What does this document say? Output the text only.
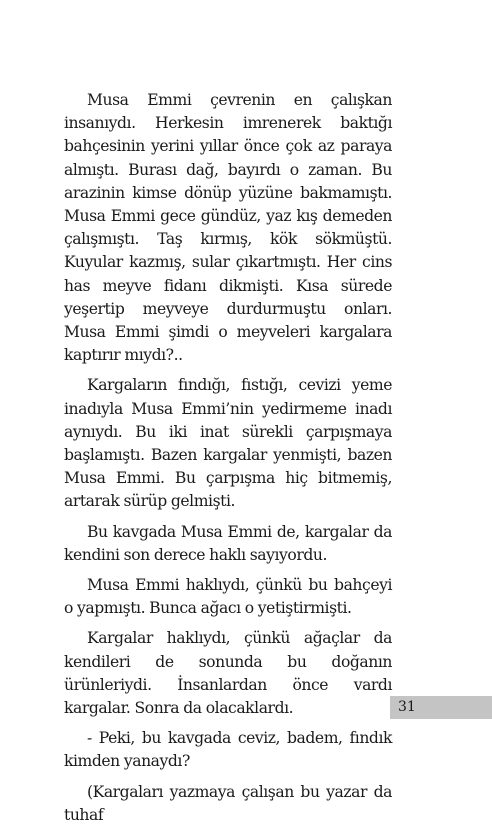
Musa Emmi çevrenin en çalışkan insanıydı. Herkesin imrenerek baktığı bahçesinin yerini yıllar önce çok az paraya almıştı. Burası dağ, bayırdı o zaman. Bu arazinin kimse dönüp yüzüne bakmamıştı. Musa Emmi gece gündüz, yaz kış demeden çalışmıştı. Taş kırmış, kök sökmüştü. Kuyular kazmış, sular çıkartmıştı. Her cins has meyve fidanı dikmişti. Kısa sürede yeşertip meyveye durdurmuştu onları. Musa Emmi şimdi o meyveleri kargalara kaptırır mıydı?..

Kargaların fındığı, fıstığı, cevizi yeme inadıyla Musa Emmi’nin yedirmeme inadı aynıydı. Bu iki inat sürekli çarpışmaya başlamıştı. Bazen kargalar yenmişti, bazen Musa Emmi. Bu çarpışma hiç bitmemiş, artarak sürüp gelmişti.

Bu kavgada Musa Emmi de, kargalar da kendini son derece haklı sayıyordu.

Musa Emmi haklıydı, çünkü bu bahçeyi o yapmıştı. Bunca ağacı o yetiştirmişti.

Kargalar haklıydı, çünkü ağaçlar da kendileri de sonunda bu doğanın ürünleriydi. İnsanlardan önce vardı kargalar. Sonra da olacaklardı.

- Peki, bu kavgada ceviz, badem, fındık kimden yanaydı?

(Kargaları yazmaya çalışan bu yazar da tuhaf

31
